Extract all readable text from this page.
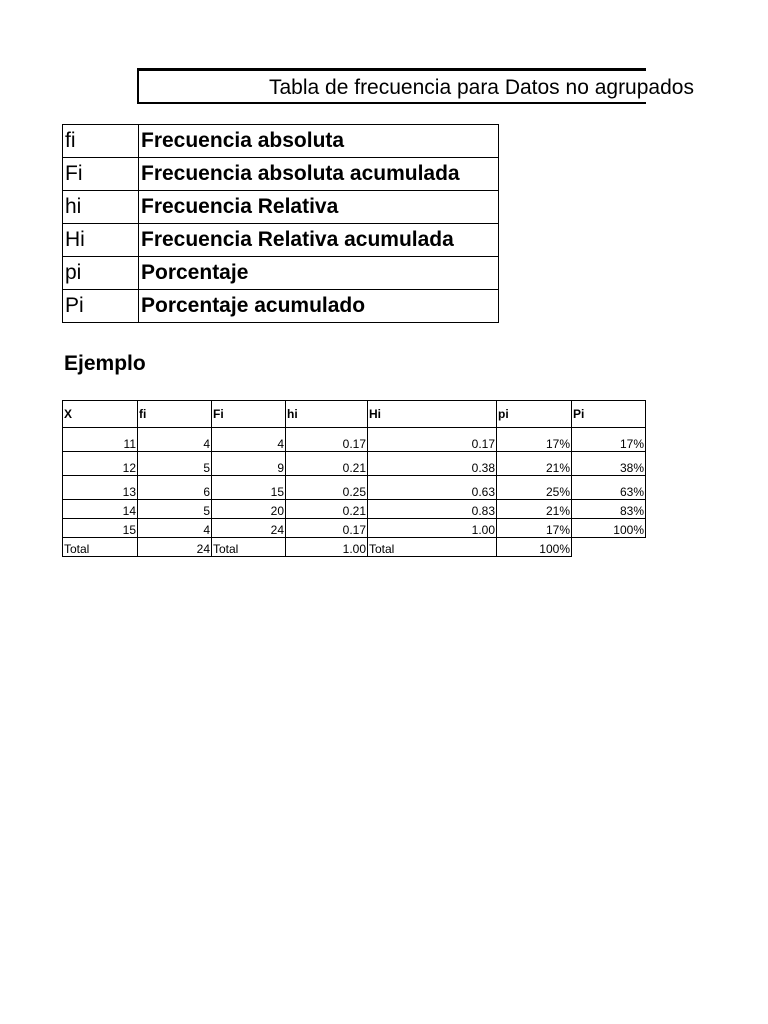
Tabla de frecuencia para Datos no agrupados
fi	Frecuencia absoluta
Fi	Frecuencia absoluta acumulada
hi	Frecuencia Relativa
Hi	Frecuencia Relativa acumulada
pi	Porcentaje
Pi	Porcentaje acumulado
Ejemplo
X	fi	Fi	hi	Hi	pi	Pi
11	4	4	0.17	0.17	17%	17%
12	5	9	0.21	0.38	21%	38%
13	6	15	0.25	0.63	25%	63%
14	5	20	0.21	0.83	21%	83%
15	4	24	0.17	1.00	17%	100%
Total	24	Total	1.00	Total	100%	
